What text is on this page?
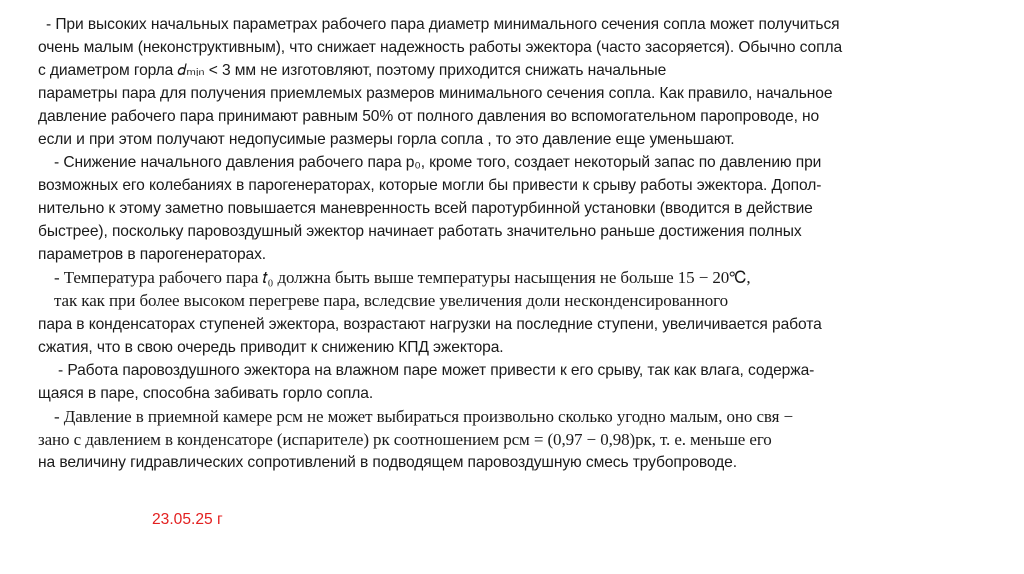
- При высоких начальных параметрах рабочего пара диаметр минимального сечения сопла может получиться
очень малым (неконструктивным), что снижает надежность работы эжектора (часто засоряется). Обычно сопла
с диаметром горла 𝑑ₘᵢₙ < 3 мм не изготовляют, поэтому приходится снижать начальные
параметры пара для получения приемлемых размеров минимального сечения сопла. Как правило, начальное
давление рабочего пара принимают равным 50% от полного давления во вспомогательном паропроводе, но
если и при этом получают недопусимые размеры горла сопла , то это давление еще уменьшают.
- Снижение начального давления рабочего пара p₀, кроме того, создает некоторый запас по давлению при
возможных его колебаниях в парогенераторах, которые могли бы привести к срыву работы эжектора. Допол-
нительно к этому заметно повышается маневренность всей паротурбинной установки (вводится в действие
быстрее), поскольку паровоздушный эжектор начинает работать значительно раньше достижения полных
параметров в парогенераторах.
- Температура рабочего пара 𝑡₀ должна быть выше температуры насыщения не больше 15 − 20℃,
так как при более высоком перегреве пара, вследсвие увеличения доли несконденсированного
пара в конденсаторах ступеней эжектора, возрастают нагрузки на последние ступени, увеличивается работа
сжатия, что в свою очередь приводит к снижению КПД эжектора.
- Работа паровоздушного эжектора на влажном паре может привести к его срыву, так как влага, содержа-
щаяся в паре, способна забивать горло сопла.
- Давление в приемной камере pсм не может выбираться произвольно сколько угодно малым, оно свя −
зано с давлением в конденсаторе (испарителе) pк соотношением pсм = (0,97 − 0,98)pк, т. е. меньше его
на величину гидравлических сопротивлений в подводящем паровоздушную смесь трубопроводе.
23.05.25 г
